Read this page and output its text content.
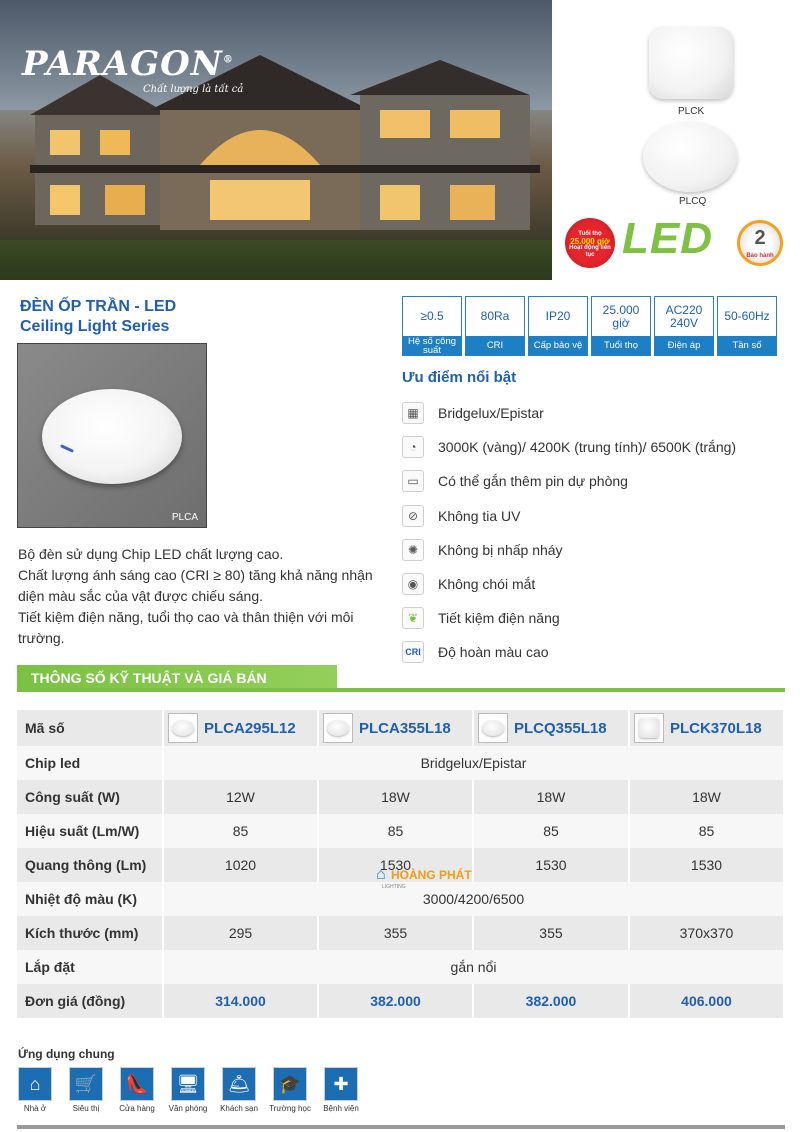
PARAGON®
Chất lượng là tất cả
PLCK
PLCQ
Tuổi thọ
25.000 giờ
Hoạt động liên tục LED	2
Bảo hành
ĐÈN ỐP TRẦN - LED
Ceiling Light Series
PLCA

Bộ đèn sử dụng Chip LED chất lượng cao.

Chất lượng ánh sáng cao (CRI ≥ 80) tăng khả năng nhận diện màu sắc của vật được chiếu sáng.

Tiết kiệm điện năng, tuổi thọ cao và thân thiện với môi trường.

≥0.5
Hệ số công suất
80Ra
CRI
IP20
Cấp bảo vệ
25.000 giờ
Tuổi thọ
AC220 240V
Điện áp
50-60Hz
Tần số
Ưu điểm nổi bật
▦	Bridgelux/Epistar
◔	3000K (vàng)/ 4200K (trung tính)/ 6500K (trắng)
▭	Có thể gắn thêm pin dự phòng
⊘	Không tia UV
✺	Không bị nhấp nháy
◉	Không chói mắt
❦	Tiết kiệm điện năng
CRI Độ hoàn màu cao
THÔNG SỐ KỸ THUẬT VÀ GIÁ BÁN
Mã số	PLCA295L12	PLCA355L18	PLCQ355L18	PLCK370L18

Chip led	Bridgelux/Epistar			
Công suất (W)	12W	18W	18W	18W
Hiệu suất (Lm/W)	85	85	85	85
Quang thông (Lm)	1020	1530	1530	1530
Nhiệt độ màu (K)	3000/4200/6500			
Kích thước (mm)	295	355	355	370x370
Lắp đặt	gắn nổi			
Đơn giá (đồng)	314.000	382.000	382.000	406.000
⌂ HOÀNG PHÁT
LIGHTING
Ứng dụng chung
⌂
Nhà ở
🛒
Siêu thị
👠
Cửa hàng
🖥
Văn phòng
🛎
Khách sạn
🎓
Trường học
✚
Bệnh viện
